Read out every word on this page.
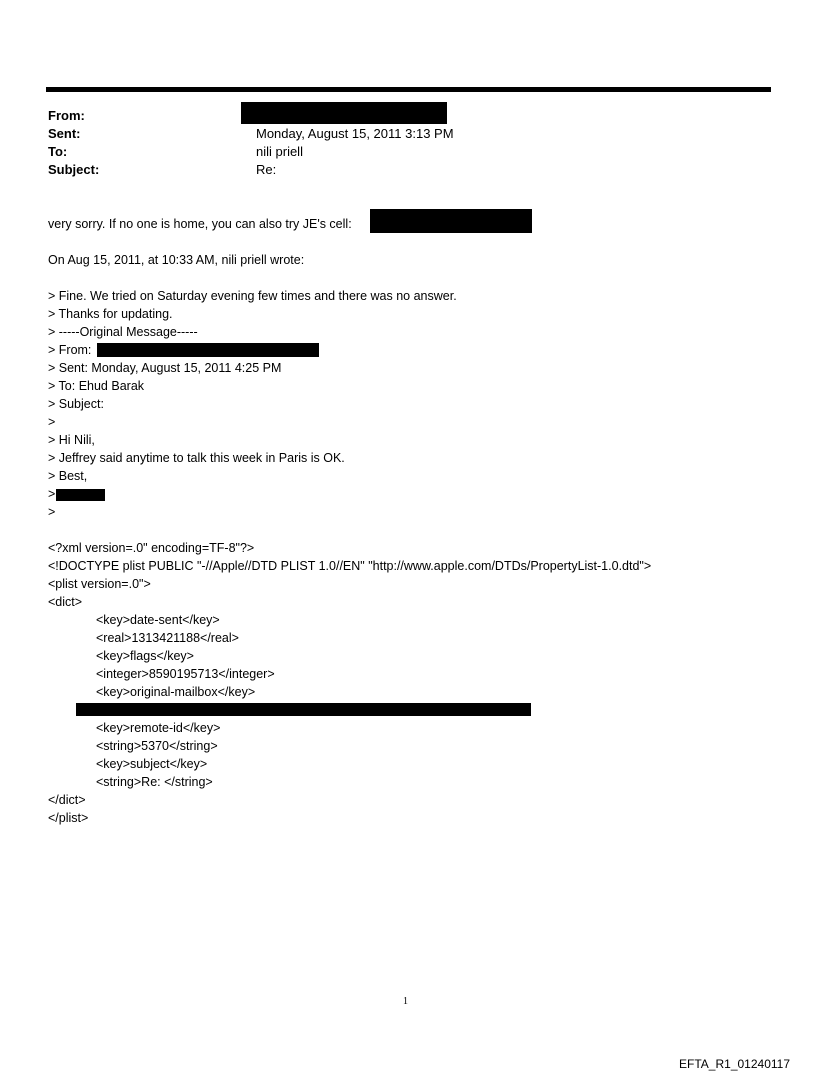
From:
Sent:	Monday, August 15, 2011 3:13 PM
To:	nili priell
Subject:	Re:
very sorry. If no one is home, you can also try JE's cell:
On Aug 15, 2011, at 10:33 AM, nili priell wrote:
> Fine. We tried on Saturday evening few times and there was no answer.
> Thanks for updating.
> -----Original Message-----
> From:
> Sent: Monday, August 15, 2011 4:25 PM
> To: Ehud Barak
> Subject:
>
> Hi Nili,
> Jeffrey said anytime to talk this week in Paris is OK.
> Best,
>
>
<?xml version=.0" encoding=TF-8"?>
<!DOCTYPE plist PUBLIC "-//Apple//DTD PLIST 1.0//EN" "http://www.apple.com/DTDs/PropertyList-1.0.dtd">
<plist version=.0">
<dict>
<key>date-sent</key>
<real>1313421188</real>
<key>flags</key>
<integer>8590195713</integer>
<key>original-mailbox</key>
<key>remote-id</key>
<string>5370</string>
<key>subject</key>
<string>Re: </string>
</dict>
</plist>
1
EFTA_R1_01240117
